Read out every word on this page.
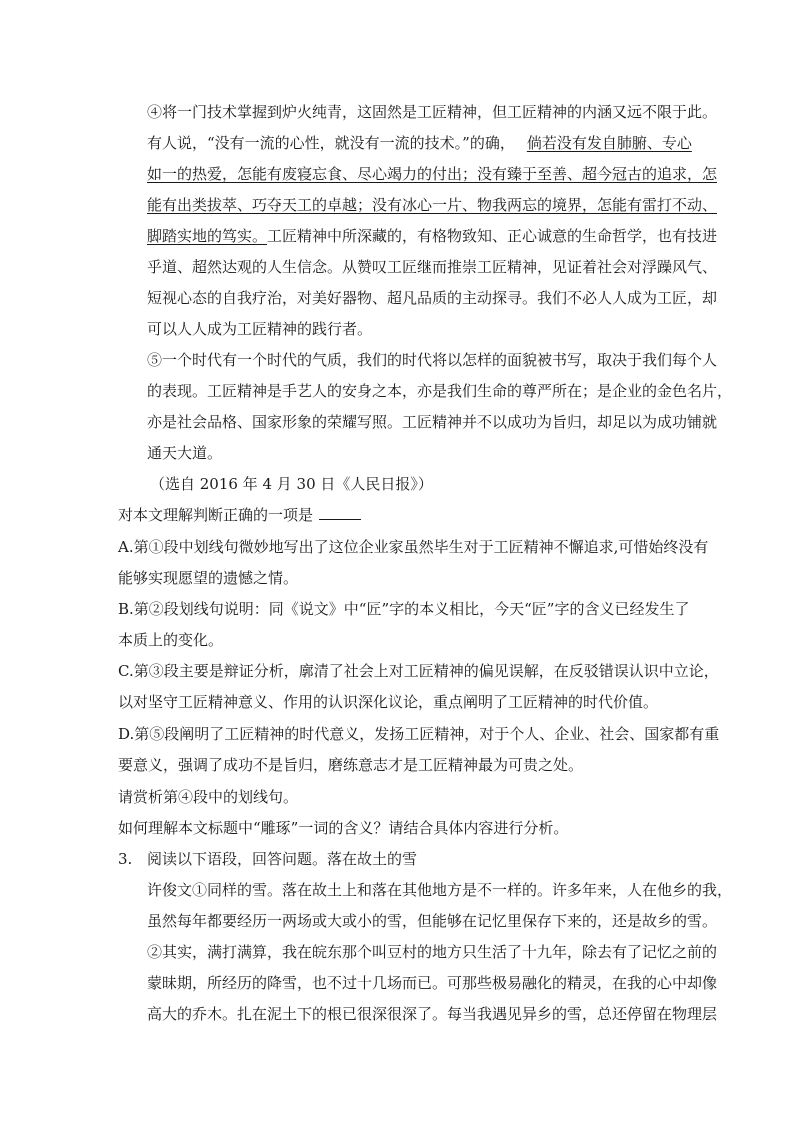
④将一门技术掌握到炉火纯青，这固然是工匠精神，但工匠精神的内涵又远不限于此。
有人说，“没有一流的心性，就没有一流的技术。”的确， 倘若没有发自肺腑、专心
如一的热爱，怎能有废寝忘食、尽心竭力的付出；没有臻于至善、超今冠古的追求，怎
能有出类拔萃、巧夺天工的卓越；没有冰心一片、物我两忘的境界，怎能有雷打不动、
脚踏实地的笃实。工匠精神中所深藏的，有格物致知、正心诚意的生命哲学，也有技进
乎道、超然达观的人生信念。从赞叹工匠继而推崇工匠精神，见证着社会对浮躁风气、
短视心态的自我疗治，对美好器物、超凡品质的主动探寻。我们不必人人成为工匠，却
可以人人成为工匠精神的践行者。
⑤一个时代有一个时代的气质，我们的时代将以怎样的面貌被书写，取决于我们每个人
的表现。工匠精神是手艺人的安身之本，亦是我们生命的尊严所在；是企业的金色名片，
亦是社会品格、国家形象的荣耀写照。工匠精神并不以成功为旨归，却足以为成功铺就
通天大道。
（选自 2016 年 4 月 30 日《人民日报》）
对本文理解判断正确的一项是
A.第①段中划线句微妙地写出了这位企业家虽然毕生对于工匠精神不懈追求,可惜始终没有
能够实现愿望的遗憾之情。
B.第②段划线句说明：同《说文》中“匠”字的本义相比，今天“匠”字的含义已经发生了
本质上的变化。
C.第③段主要是辩证分析，廓清了社会上对工匠精神的偏见误解，在反驳错误认识中立论，
以对坚守工匠精神意义、作用的认识深化议论，重点阐明了工匠精神的时代价值。
D.第⑤段阐明了工匠精神的时代意义，发扬工匠精神，对于个人、企业、社会、国家都有重
要意义，强调了成功不是旨归，磨练意志才是工匠精神最为可贵之处。
请赏析第④段中的划线句。
如何理解本文标题中“雕琢”一词的含义？请结合具体内容进行分析。
3. 阅读以下语段，回答问题。落在故土的雪
许俊文①同样的雪。落在故土上和落在其他地方是不一样的。许多年来，人在他乡的我，
虽然每年都要经历一两场或大或小的雪，但能够在记忆里保存下来的，还是故乡的雪。
②其实，满打满算，我在皖东那个叫豆村的地方只生活了十九年，除去有了记忆之前的
蒙昧期，所经历的降雪，也不过十几场而已。可那些极易融化的精灵，在我的心中却像
高大的乔木。扎在泥土下的根已很深很深了。每当我遇见异乡的雪，总还停留在物理层
